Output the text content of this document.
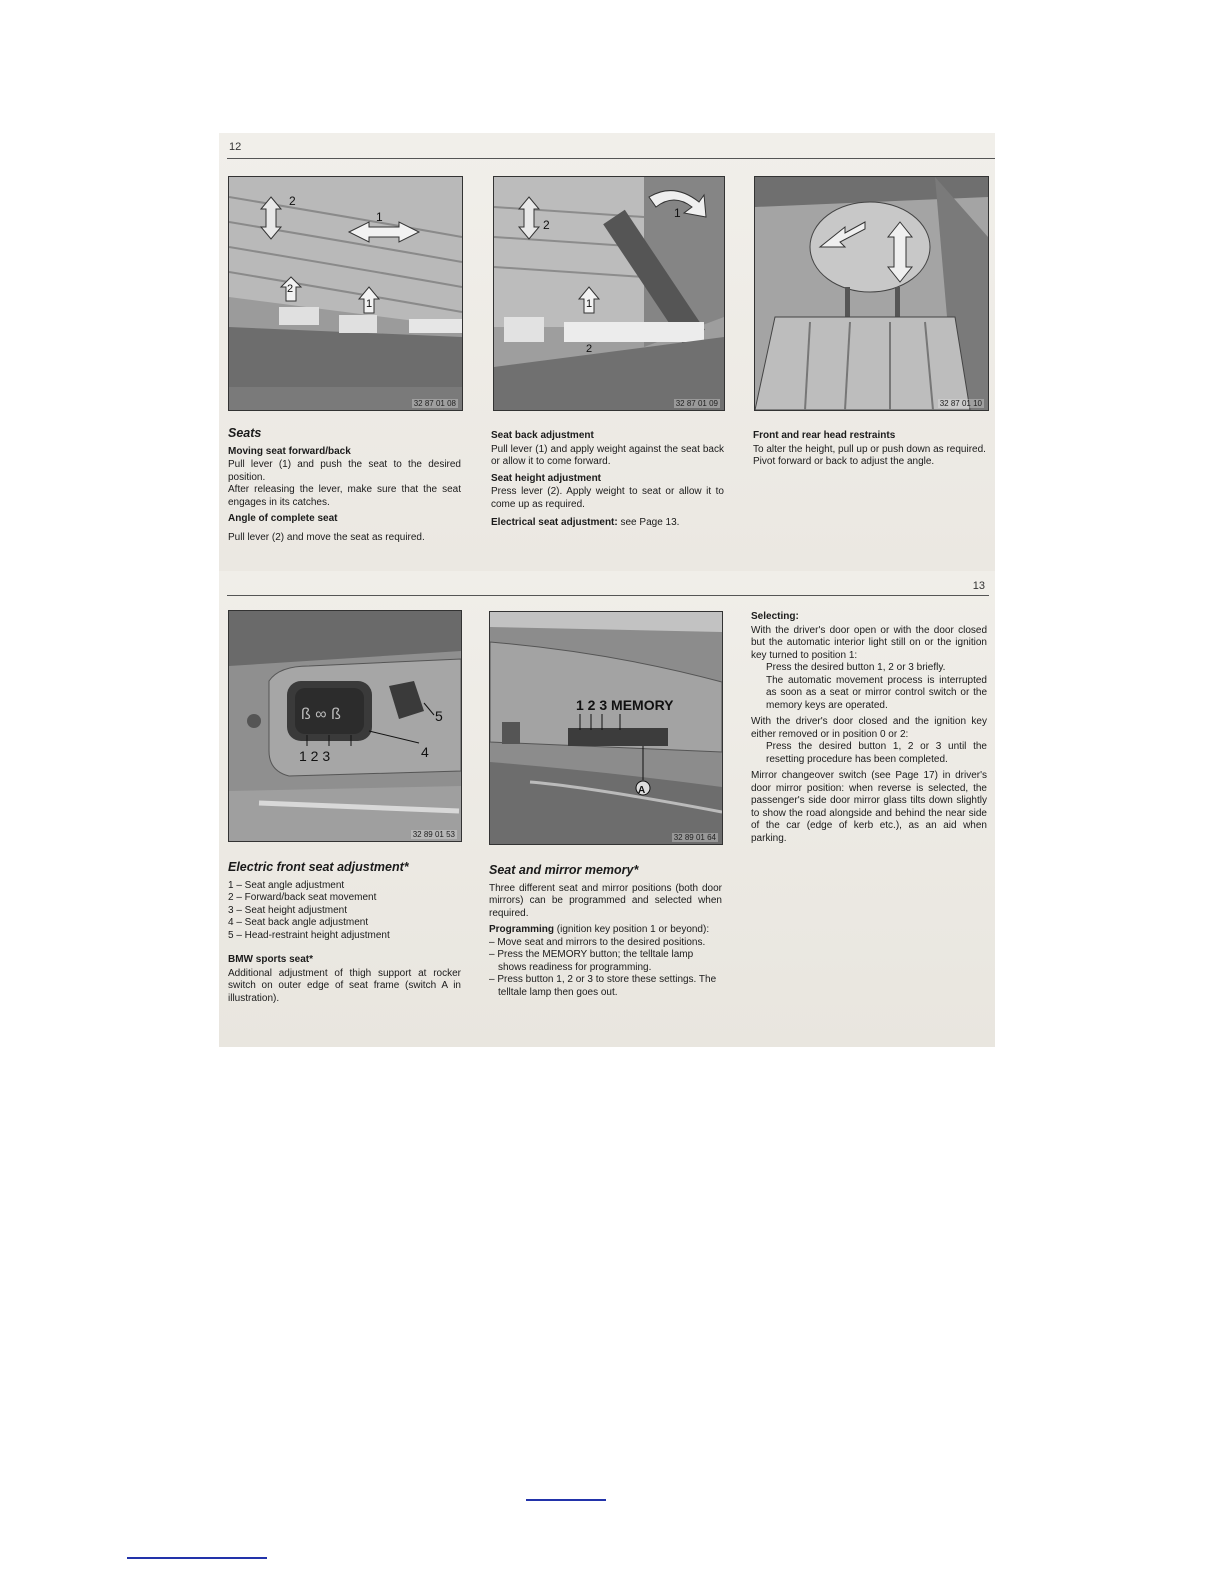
12
2
1
2
1
32 87 01 08
2
1
1
2
32 87 01 09	32 87 01 10
Seats
Moving seat forward/back

Pull lever (1) and push the seat to the desired position.

After releasing the lever, make sure that the seat engages in its catches.

Angle of complete seat

Pull lever (2) and move the seat as required.

Seat back adjustment

Pull lever (1) and apply weight against the seat back or allow it to come forward.

Seat height adjustment

Press lever (2). Apply weight to seat or allow it to come up as required.

Electrical seat adjustment: see Page 13.

Front and rear head restraints

To alter the height, pull up or push down as required.

Pivot forward or back to adjust the angle.

13
ß ∞ ß
1 2 3	4
5
32 89 01 53
1 2 3 MEMORY
A
32 89 01 64
Electric front seat adjustment*
1 – Seat angle adjustment
2 – Forward/back seat movement
3 – Seat height adjustment
4 – Seat back angle adjustment
5 – Head-restraint height adjustment
BMW sports seat*

Additional adjustment of thigh support at rocker switch on outer edge of seat frame (switch A in illustration).

Seat and mirror memory*

Three different seat and mirror positions (both door mirrors) can be programmed and selected when required.

Programming (ignition key position 1 or beyond):

– Move seat and mirrors to the desired positions.
– Press the MEMORY button; the telltale lamp shows readiness for programming.
– Press button 1, 2 or 3 to store these settings. The telltale lamp then goes out.
Selecting:

With the driver's door open or with the door closed but the automatic interior light still on or the ignition key turned to position 1:

Press the desired button 1, 2 or 3 briefly.

The automatic movement process is interrupted as soon as a seat or mirror control switch or the memory keys are operated.

With the driver's door closed and the ignition key either removed or in position 0 or 2:

Press the desired button 1, 2 or 3 until the resetting procedure has been completed.

Mirror changeover switch (see Page 17) in driver's door mirror position: when reverse is selected, the passenger's side door mirror glass tilts down slightly to show the road alongside and behind the near side of the car (edge of kerb etc.), as an aid when parking.
